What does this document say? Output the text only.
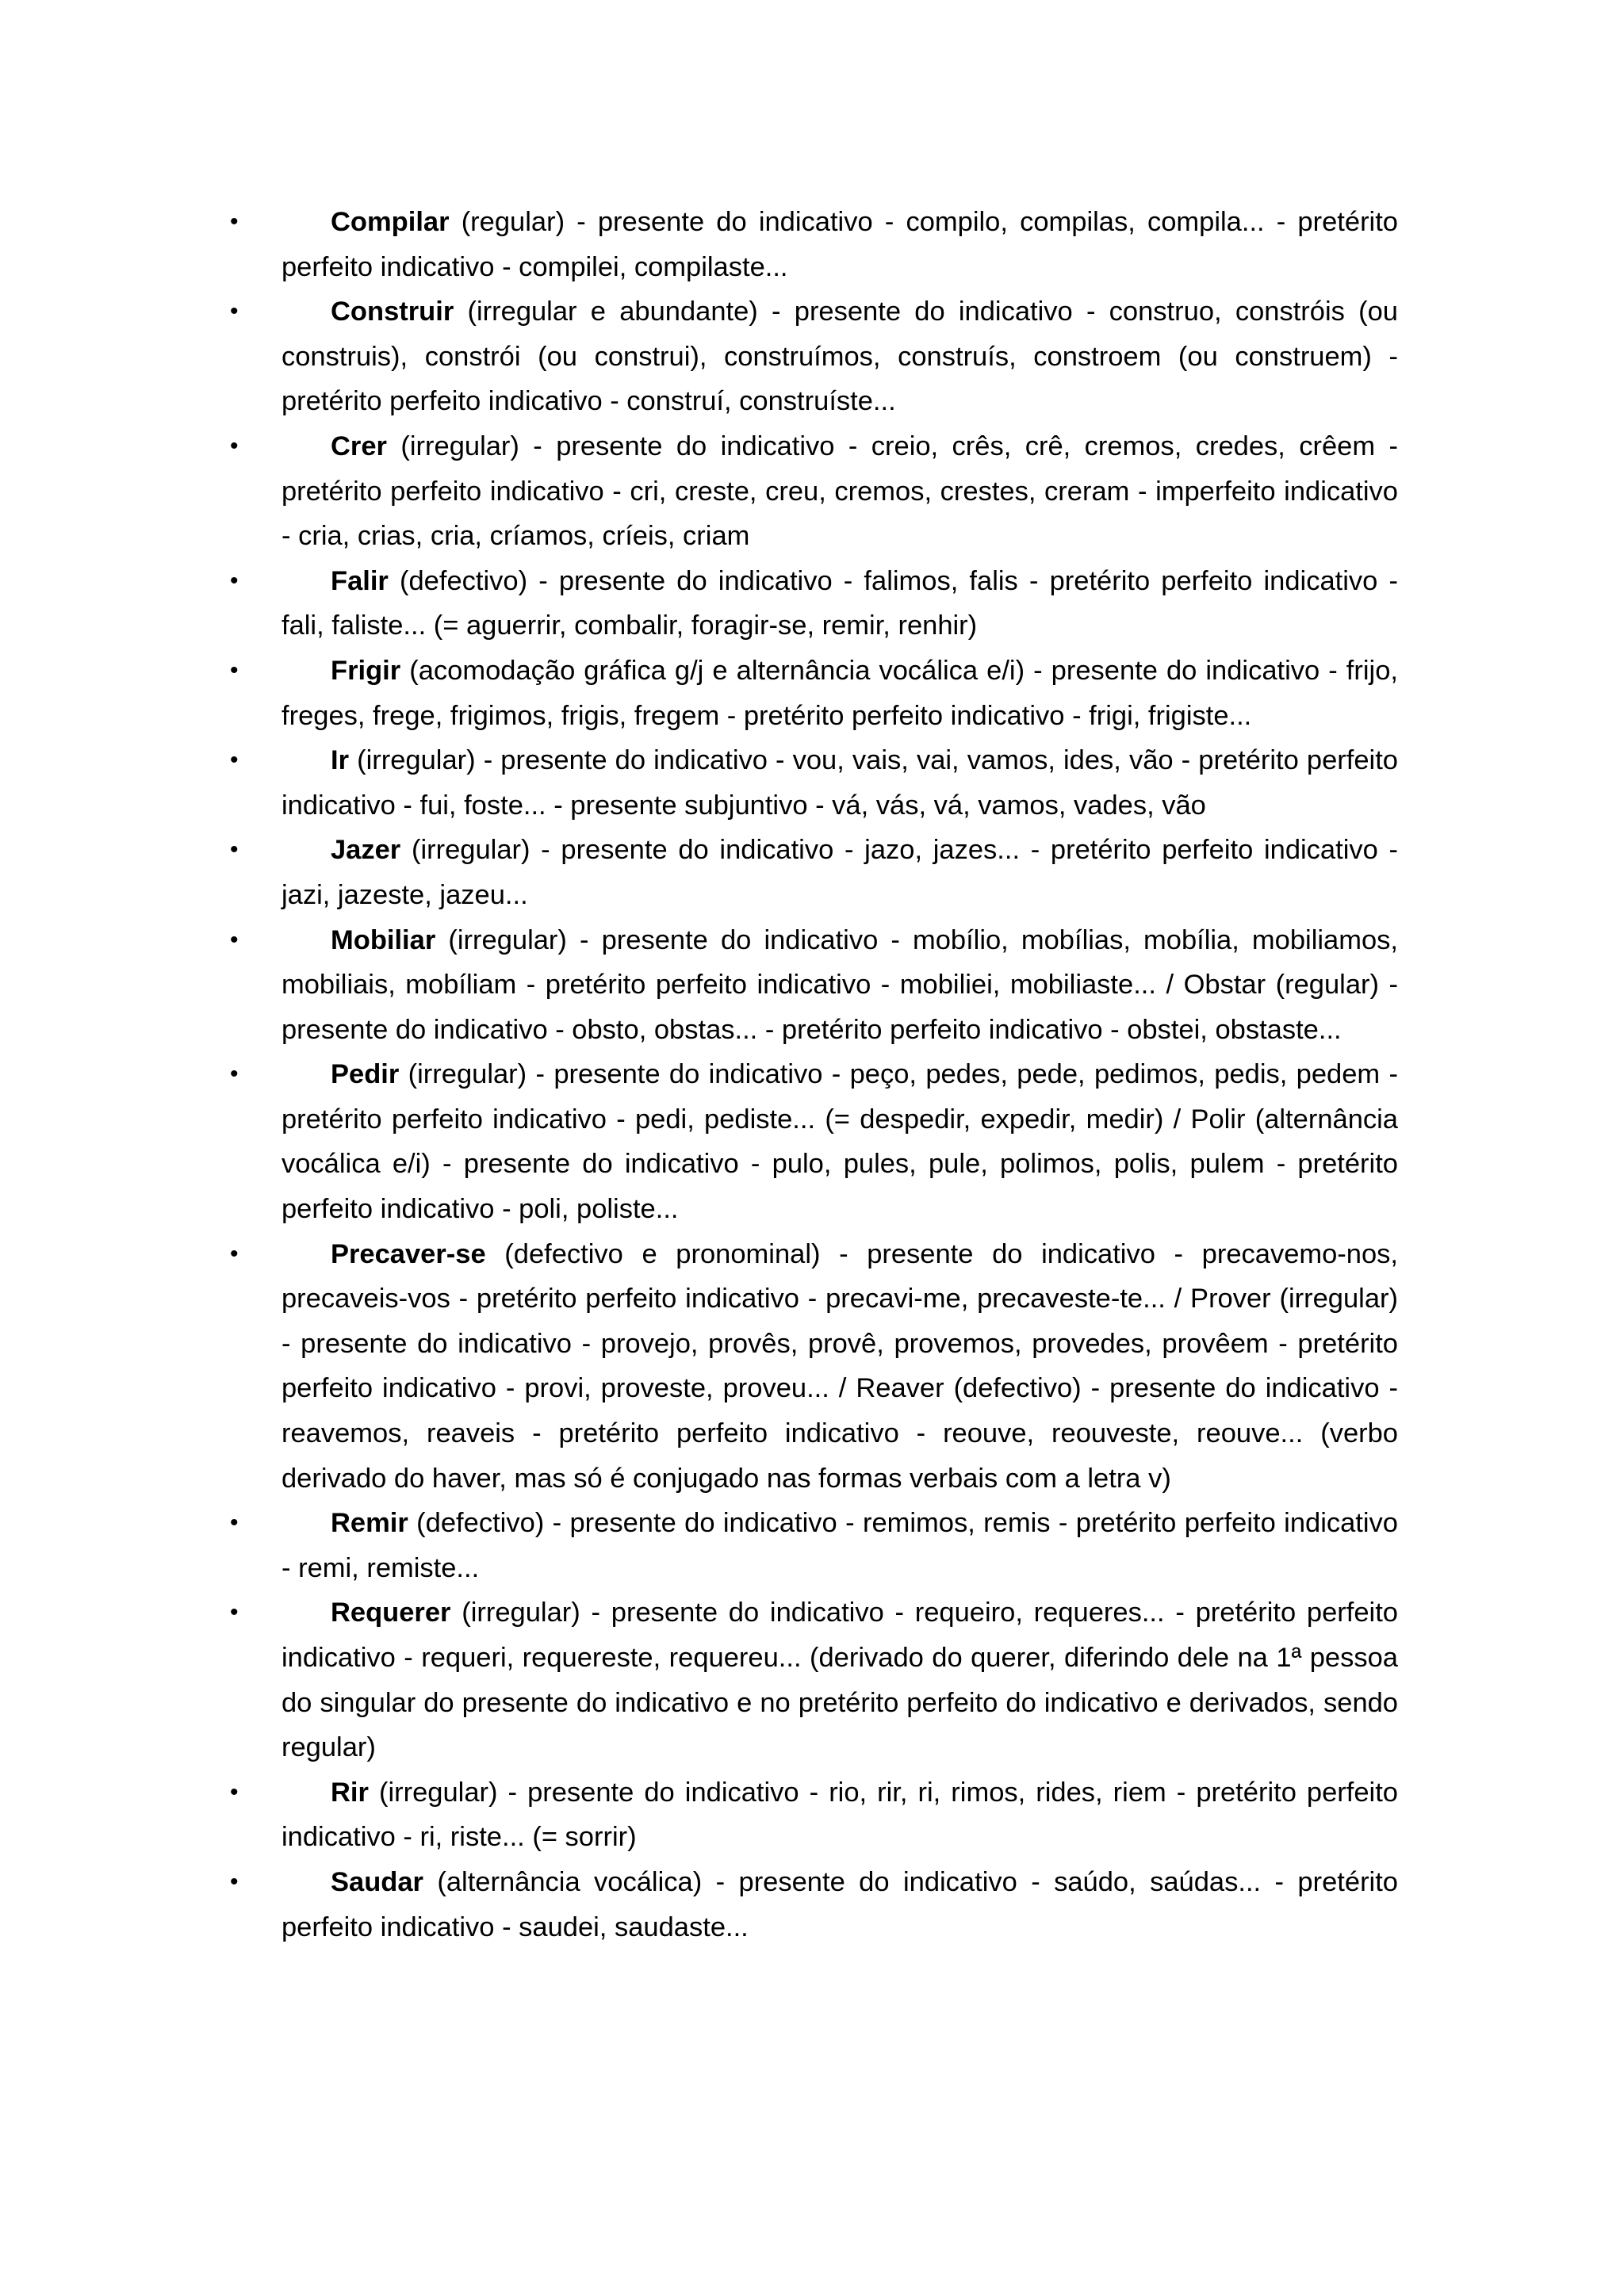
•	Compilar (regular) - presente do indicativo - compilo, compilas, compila... - pretérito perfeito indicativo - compilei, compilaste...
•	Construir (irregular e abundante) - presente do indicativo - construo, constróis (ou construis), constrói (ou construi), construímos, construís, constroem (ou construem) - pretérito perfeito indicativo - construí, construíste...
•	Crer (irregular) - presente do indicativo - creio, crês, crê, cremos, credes, crêem - pretérito perfeito indicativo - cri, creste, creu, cremos, crestes, creram - imperfeito indicativo - cria, crias, cria, críamos, críeis, criam
•	Falir (defectivo) - presente do indicativo - falimos, falis - pretérito perfeito indicativo - fali, faliste... (= aguerrir, combalir, foragir-se, remir, renhir)
•	Frigir (acomodação gráfica g/j e alternância vocálica e/i) - presente do indicativo - frijo, freges, frege, frigimos, frigis, fregem - pretérito perfeito indicativo - frigi, frigiste...
•	Ir (irregular) - presente do indicativo - vou, vais, vai, vamos, ides, vão - pretérito perfeito indicativo - fui, foste... - presente subjuntivo - vá, vás, vá, vamos, vades, vão
•	Jazer (irregular) - presente do indicativo - jazo, jazes... - pretérito perfeito indicativo - jazi, jazeste, jazeu...
•	Mobiliar (irregular) - presente do indicativo - mobílio, mobílias, mobília, mobiliamos, mobiliais, mobíliam - pretérito perfeito indicativo - mobiliei, mobiliaste... / Obstar (regular) - presente do indicativo - obsto, obstas... - pretérito perfeito indicativo - obstei, obstaste...
•	Pedir (irregular) - presente do indicativo - peço, pedes, pede, pedimos, pedis, pedem - pretérito perfeito indicativo - pedi, pediste... (= despedir, expedir, medir) / Polir (alternância vocálica e/i) - presente do indicativo - pulo, pules, pule, polimos, polis, pulem - pretérito perfeito indicativo - poli, poliste...
•	Precaver-se (defectivo e pronominal) - presente do indicativo - precavemo-nos, precaveis-vos - pretérito perfeito indicativo - precavi-me, precaveste-te... / Prover (irregular) - presente do indicativo - provejo, provês, provê, provemos, provedes, provêem - pretérito perfeito indicativo - provi, proveste, proveu... / Reaver (defectivo) - presente do indicativo - reavemos, reaveis - pretérito perfeito indicativo - reouve, reouveste, reouve... (verbo derivado do haver, mas só é conjugado nas formas verbais com a letra v)
•	Remir (defectivo) - presente do indicativo - remimos, remis - pretérito perfeito indicativo - remi, remiste...
•	Requerer (irregular) - presente do indicativo - requeiro, requeres... - pretérito perfeito indicativo - requeri, requereste, requereu... (derivado do querer, diferindo dele na 1ª pessoa do singular do presente do indicativo e no pretérito perfeito do indicativo e derivados, sendo regular)
•	Rir (irregular) - presente do indicativo - rio, rir, ri, rimos, rides, riem - pretérito perfeito indicativo - ri, riste... (= sorrir)
•	Saudar (alternância vocálica) - presente do indicativo - saúdo, saúdas... - pretérito perfeito indicativo - saudei, saudaste...
